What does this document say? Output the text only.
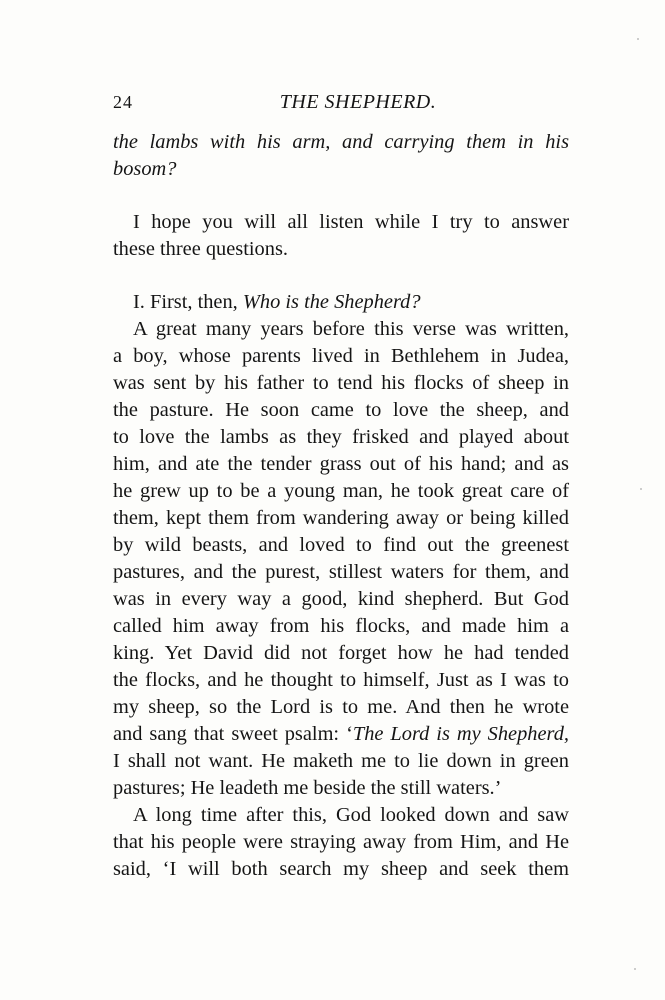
24	THE SHEPHERD.
the lambs with his arm, and carrying them in his
bosom?
I hope you will all listen while I try to answer
these three questions.
I. First, then, Who is the Shepherd?
A great many years before this verse was written,
a boy, whose parents lived in Bethlehem in Judea,
was sent by his father to tend his flocks of sheep in
the pasture. He soon came to love the sheep, and
to love the lambs as they frisked and played about
him, and ate the tender grass out of his hand; and as
he grew up to be a young man, he took great care of
them, kept them from wandering away or being killed
by wild beasts, and loved to find out the greenest
pastures, and the purest, stillest waters for them, and
was in every way a good, kind shepherd. But God
called him away from his flocks, and made him a
king. Yet David did not forget how he had tended
the flocks, and he thought to himself, Just as I was to
my sheep, so the Lord is to me. And then he wrote
and sang that sweet psalm: ‘The Lord is my Shepherd,
I shall not want. He maketh me to lie down in green
pastures; He leadeth me beside the still waters.’
A long time after this, God looked down and saw
that his people were straying away from Him, and He
said, ‘I will both search my sheep and seek them
